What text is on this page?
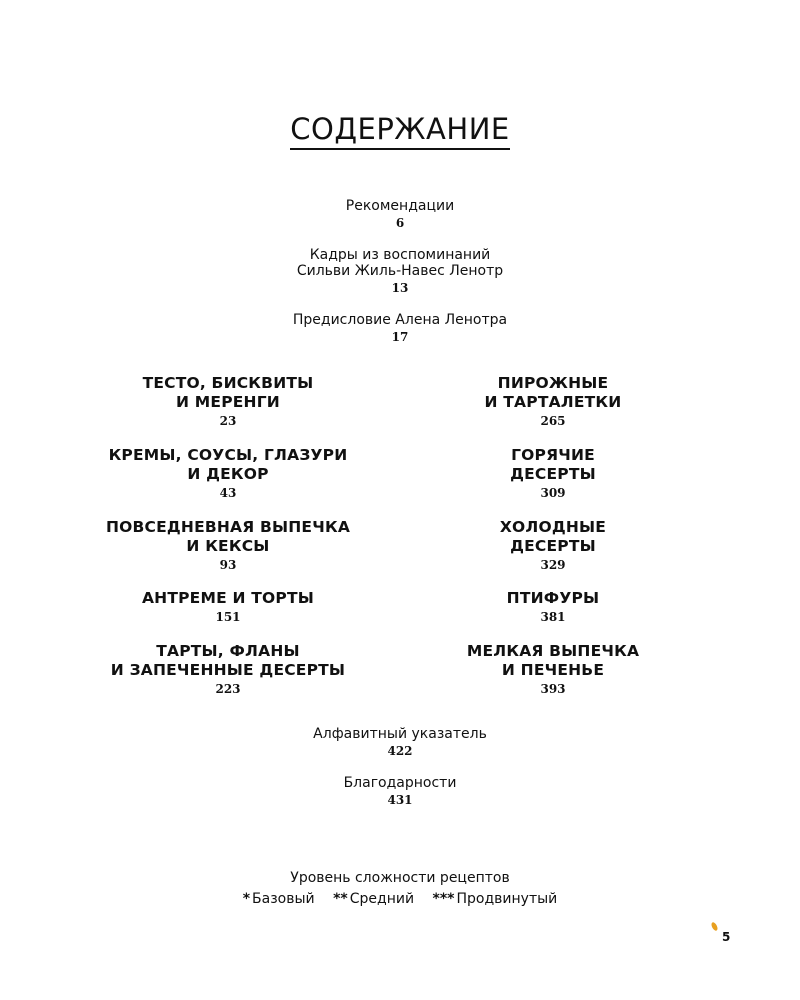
СОДЕРЖАНИЕ
Рекомендации
6
Кадры из воспоминаний
Сильви Жиль-Навес Ленотр
13
Предисловие Алена Ленотра
17
ТЕСТО, БИСКВИТЫ
И МЕРЕНГИ
23
КРЕМЫ, СОУСЫ, ГЛАЗУРИ
И ДЕКОР
43
ПОВСЕДНЕВНАЯ ВЫПЕЧКА
И КЕКСЫ
93
АНТРЕМЕ И ТОРТЫ
151
ТАРТЫ, ФЛАНЫ
И ЗАПЕЧЕННЫЕ ДЕСЕРТЫ
223
ПИРОЖНЫЕ
И ТАРТАЛЕТКИ
265
ГОРЯЧИЕ
ДЕСЕРТЫ
309
ХОЛОДНЫЕ
ДЕСЕРТЫ
329
ПТИФУРЫ
381
МЕЛКАЯ ВЫПЕЧКА
И ПЕЧЕНЬЕ
393
Алфавитный указатель
422
Благодарности
431
Уровень сложности рецептов
* Базовый ** Средний *** Продвинутый
5
